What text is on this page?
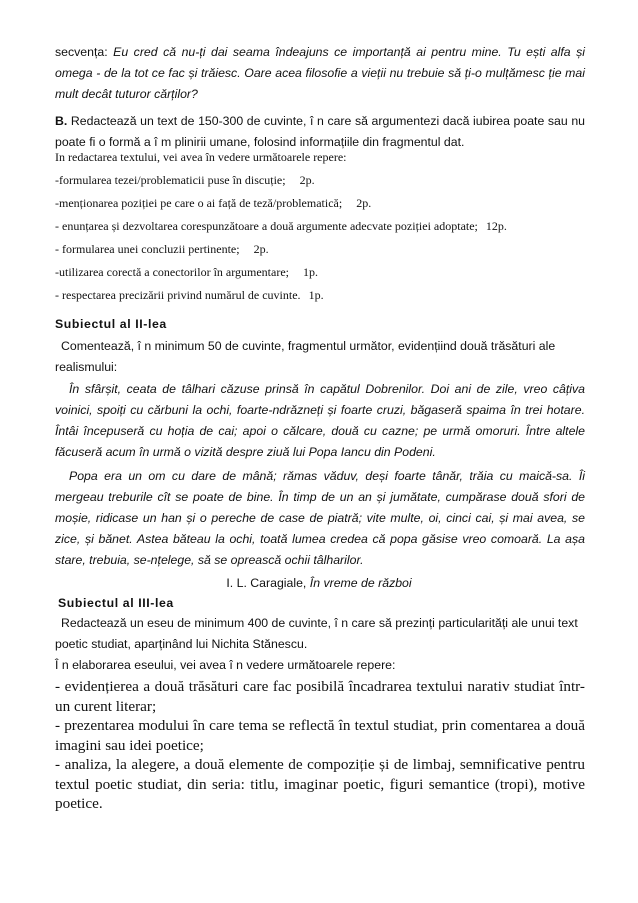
secvența: Eu cred că nu-ți dai seama îndeajuns ce importanță ai pentru mine. Tu ești alfa și omega - de la tot ce fac și trăiesc. Oare acea filosofie a vieții nu trebuie să ți-o mulțămesc ție mai mult decât tuturor cărților?

B. Redactează un text de 150-300 de cuvinte, î n care să argumentezi dacă iubirea poate sau nu poate fi o formă a î m plinirii umane, folosind informațiile din fragmentul dat.

In redactarea textului, vei avea în vedere următoarele repere:
-formularea tezei/problematicii puse în discuție; 2p.
-menționarea poziției pe care o ai față de teză/problematică; 2p.
- enunțarea și dezvoltarea corespunzătoare a două argumente adecvate poziției adoptate; 12p.
- formularea unei concluzii pertinente; 2p.
-utilizarea corectă a conectorilor în argumentare; 1p.
- respectarea precizării privind numărul de cuvinte. 1p.
Subiectul al II-lea

Comentează, î n minimum 50 de cuvinte, fragmentul următor, evidențiind două trăsături ale realismului:

În sfârșit, ceata de tâlhari căzuse prinsă în capătul Dobrenilor. Doi ani de zile, vreo câțiva voinici, spoiți cu cărbuni la ochi, foarte-ndrăzneți și foarte cruzi, băgaseră spaima în trei hotare. Întâi începuseră cu hoția de cai; apoi o călcare, două cu cazne; pe urmă omoruri. Între altele făcuseră acum în urmă o vizită despre ziuă lui Popa Iancu din Podeni.

Popa era un om cu dare de mână; rămas văduv, deși foarte tânăr, trăia cu maică-sa. Îi mergeau treburile cît se poate de bine. În timp de un an și jumătate, cumpărase două sfori de moșie, ridicase un han și o pereche de case de piatră; vite multe, oi, cinci cai, și mai avea, se zice, și bănet. Astea băteau la ochi, toată lumea credea că popa găsise vreo comoară. La așa stare, trebuia, se-nțelege, să se oprească ochii tâlharilor.

I. L. Caragiale, În vreme de război
Subiectul al III-lea

Redactează un eseu de minimum 400 de cuvinte, î n care să prezinți particularități ale unui text poetic studiat, aparținând lui Nichita Stănescu.

Î n elaborarea eseului, vei avea î n vedere următoarele repere:
- evidențierea a două trăsături care fac posibilă încadrarea textului narativ studiat într-un curent literar;
- prezentarea modului în care tema se reflectă în textul studiat, prin comentarea a două imagini sau idei poetice;
- analiza, la alegere, a două elemente de compoziție și de limbaj, semnificative pentru textul poetic studiat, din seria: titlu, imaginar poetic, figuri semantice (tropi), motive poetice.
